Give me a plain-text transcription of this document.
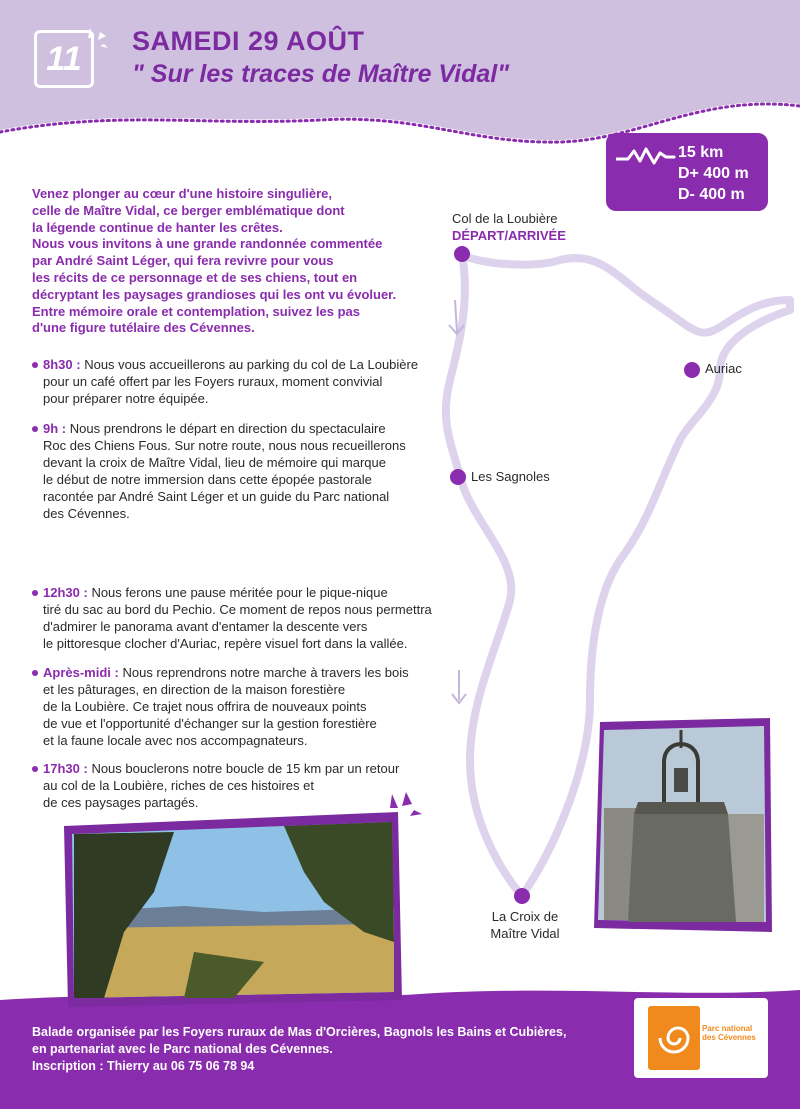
11	SAMEDI 29 AOÛT
" Sur les traces de Maître Vidal"
15 km
D+ 400 m
D- 400 m
Col de la Loubière
DÉPART/ARRIVÉE
Auriac
Les Sagnoles
La Croix de
Maître Vidal
Venez plonger au cœur d'une histoire singulière,
celle de Maître Vidal, ce berger emblématique dont
la légende continue de hanter les crêtes.
Nous vous invitons à une grande randonnée commentée
par André Saint Léger, qui fera revivre pour vous
les récits de ce personnage et de ses chiens, tout en
décryptant les paysages grandioses qui les ont vu évoluer.
Entre mémoire orale et contemplation, suivez les pas
d'une figure tutélaire des Cévennes.
8h30 : Nous vous accueillerons au parking du col de La Loubière
pour un café offert par les Foyers ruraux, moment convivial
pour préparer notre équipée.
9h : Nous prendrons le départ en direction du spectaculaire
Roc des Chiens Fous. Sur notre route, nous nous recueillerons
devant la croix de Maître Vidal, lieu de mémoire qui marque
le début de notre immersion dans cette épopée pastorale
racontée par André Saint Léger et un guide du Parc national
des Cévennes.
12h30 : Nous ferons une pause méritée pour le pique-nique
tiré du sac au bord du Pechio. Ce moment de repos nous permettra
d'admirer le panorama avant d'entamer la descente vers
le pittoresque clocher d'Auriac, repère visuel fort dans la vallée.
Après-midi : Nous reprendrons notre marche à travers les bois
et les pâturages, en direction de la maison forestière
de la Loubière. Ce trajet nous offrira de nouveaux points
de vue et l'opportunité d'échanger sur la gestion forestière
et la faune locale avec nos accompagnateurs.
17h30 : Nous bouclerons notre boucle de 15 km par un retour
au col de la Loubière, riches de ces histoires et
de ces paysages partagés.
Balade organisée par les Foyers ruraux de Mas d'Orcières, Bagnols les Bains et Cubières,
en partenariat avec le Parc national des Cévennes.
Inscription : Thierry au 06 75 06 78 94
Parc national
des Cévennes
